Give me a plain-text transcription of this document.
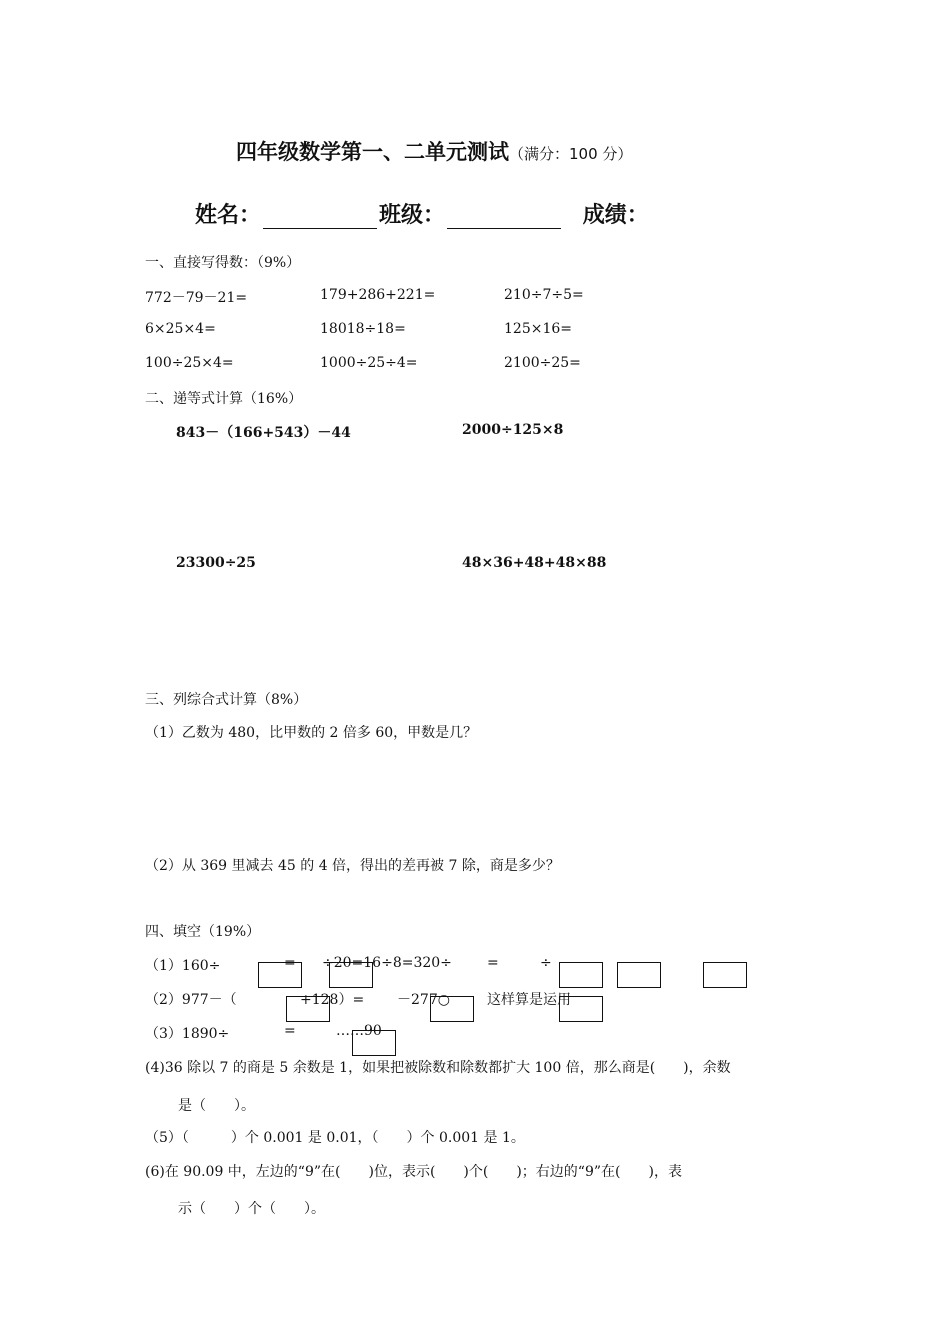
四年级数学第一、二单元测试（满分：100 分）
姓名：	班级：	成绩：
一、直接写得数：（9%）
772－79－21=	179+286+221=	210÷7÷5=
6×25×4=	18018÷18=	125×16=
100÷25×4=	1000÷25÷4=	2100÷25=
二、递等式计算（16%）
843－（166+543）－44	2000÷125×8
23300÷25	48×36+48+48×88
三、列综合式计算（8%）
（1）乙数为 480，比甲数的 2 倍多 60，甲数是几？
（2）从 369 里减去 45 的 4 倍，得出的差再被 7 除，商是多少？
四、填空（19%）
（1）160÷	= ÷20=16÷8=320÷	=	÷
（2）977－（	+128）= －277○	这样算是运用
（3）1890÷	=	……90
(4)36 除以 7 的商是 5 余数是 1，如果把被除数和除数都扩大 100 倍，那么商是(　　)，余数
是（　　）。
（5）（　　　）个 0.001 是 0.01，（　　）个 0.001 是 1。
(6)在 90.09 中，左边的“9”在(　　)位，表示(　　)个(　　)；右边的“9”在(　　)，表
示（　　）个（　　）。
